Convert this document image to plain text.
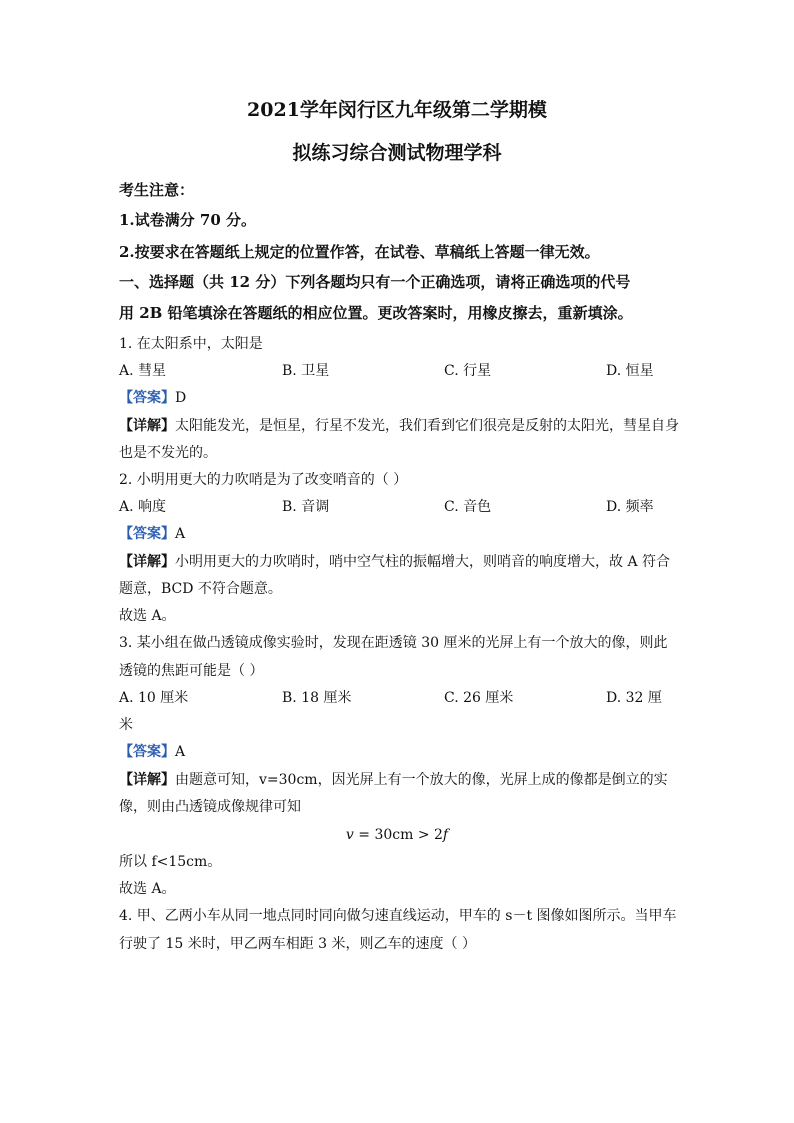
2021学年闵行区九年级第二学期模
拟练习综合测试物理学科
考生注意：
1.试卷满分 70 分。
2.按要求在答题纸上规定的位置作答，在试卷、草稿纸上答题一律无效。
一、选择题（共 12 分）下列各题均只有一个正确选项，请将正确选项的代号
用 2B 铅笔填涂在答题纸的相应位置。更改答案时，用橡皮擦去，重新填涂。
1. 在太阳系中，太阳是
A. 彗星	B. 卫星	C. 行星	D. 恒星
【答案】D
【详解】太阳能发光，是恒星，行星不发光，我们看到它们很亮是反射的太阳光，彗星自身
也是不发光的。
2. 小明用更大的力吹哨是为了改变哨音的（ ）
A. 响度	B. 音调	C. 音色	D. 频率
【答案】A
【详解】小明用更大的力吹哨时，哨中空气柱的振幅增大，则哨音的响度增大，故 A 符合
题意，BCD 不符合题意。
故选 A。
3. 某小组在做凸透镜成像实验时，发现在距透镜 30 厘米的光屏上有一个放大的像，则此
透镜的焦距可能是（ ）
A. 10 厘米	B. 18 厘米	C. 26 厘米	D. 32 厘
米
【答案】A
【详解】由题意可知，v=30cm，因光屏上有一个放大的像，光屏上成的像都是倒立的实
像，则由凸透镜成像规律可知
v = 30cm > 2f
所以 f<15cm。
故选 A。
4. 甲、乙两小车从同一地点同时同向做匀速直线运动，甲车的 s－t 图像如图所示。当甲车
行驶了 15 米时，甲乙两车相距 3 米，则乙车的速度（ ）
